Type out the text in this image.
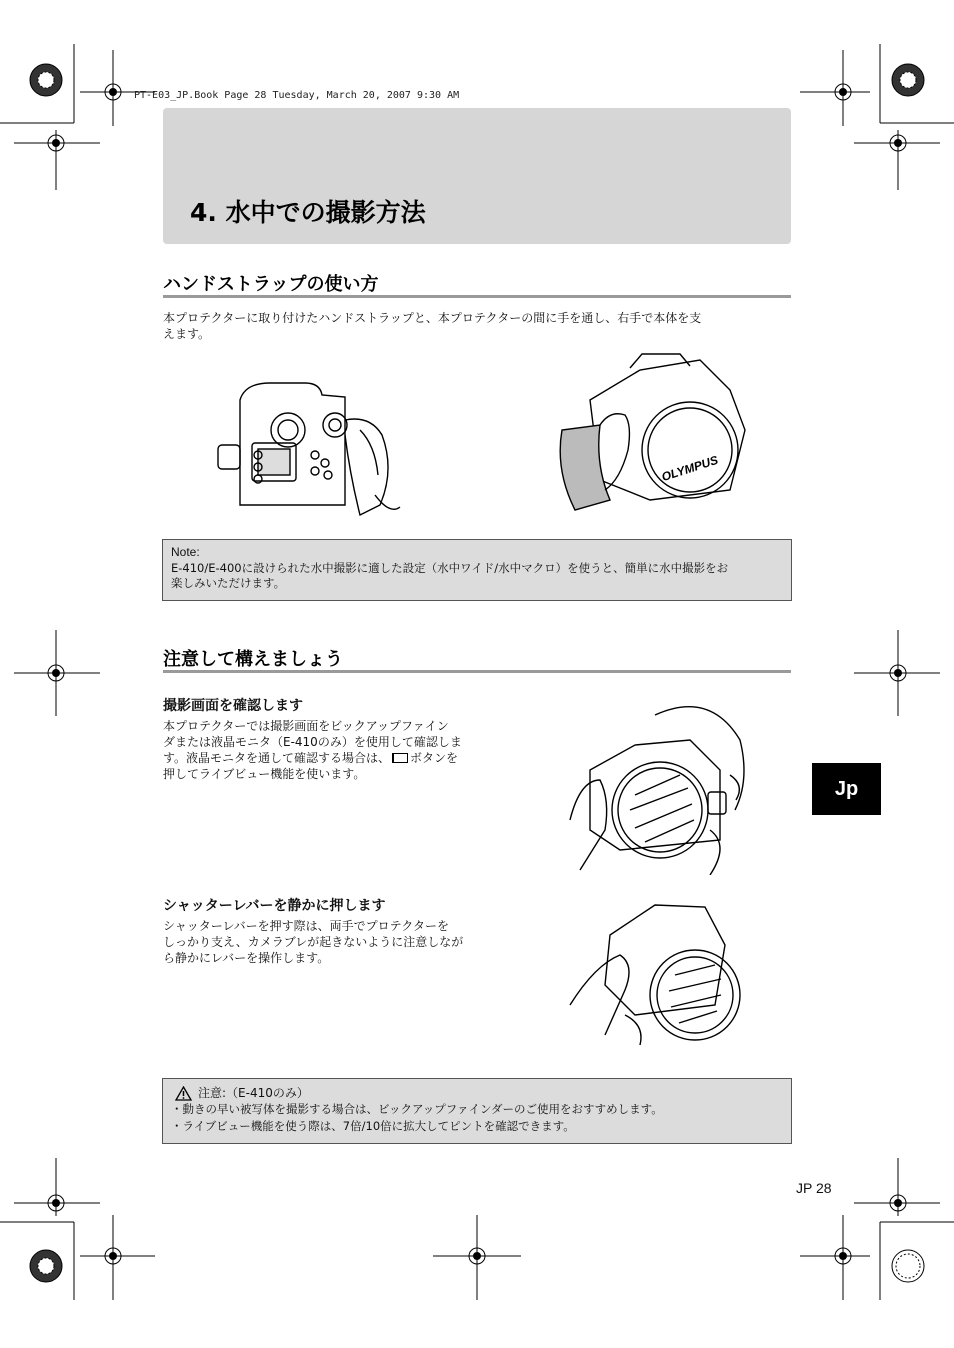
PT-E03_JP.Book Page 28 Tuesday, March 20, 2007 9:30 AM
4. 水中での撮影方法
ハンドストラップの使い方
本プロテクターに取り付けたハンドストラップと、本プロテクターの間に手を通し、右手で本体を支
えます。
OLYMPUS
Note:
E-410/E-400に設けられた水中撮影に適した設定（水中ワイド/水中マクロ）を使うと、簡単に水中撮影をお
楽しみいただけます。
注意して構えましょう
撮影画面を確認します
本プロテクターでは撮影画面をビックアップファイン
ダまたは液晶モニタ（E-410のみ）を使用して確認しま
す。液晶モニタを通して確認する場合は、 ボタンを
押してライブビュー機能を使います。
シャッターレバーを静かに押します
シャッターレバーを押す際は、両手でプロテクターを
しっかり支え、カメラブレが起きないように注意しなが
ら静かにレバーを操作します。
注意:（E-410のみ）
・動きの早い被写体を撮影する場合は、ビックアップファインダーのご使用をおすすめします。
・ライブビュー機能を使う際は、7倍/10倍に拡大してピントを確認できます。
Jp
JP 28
